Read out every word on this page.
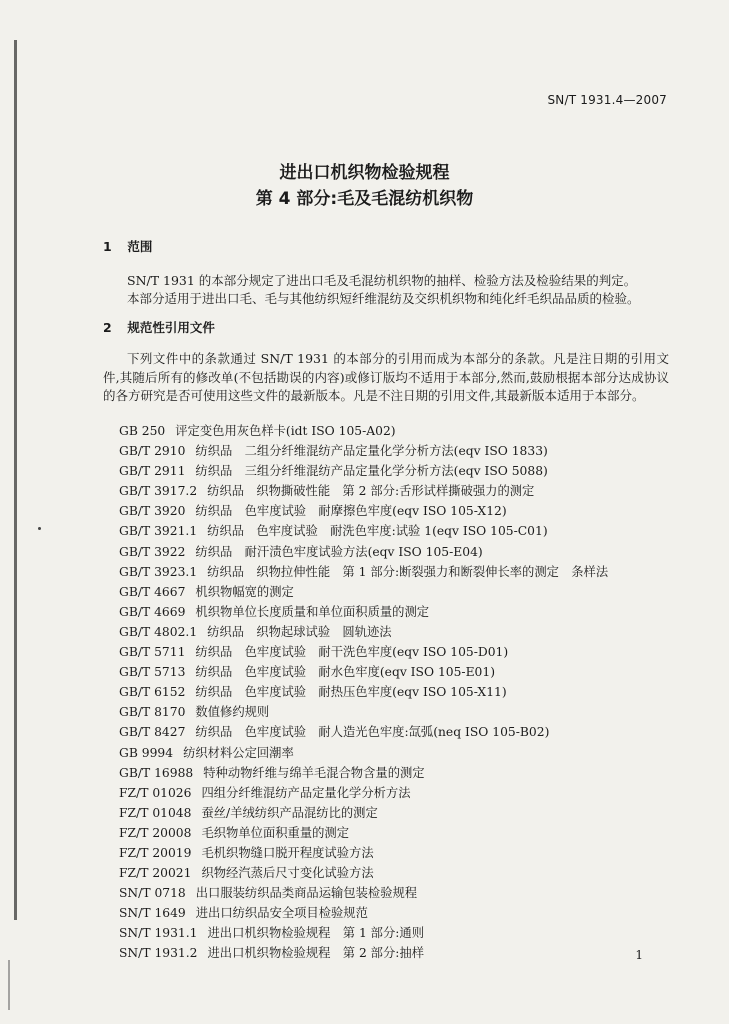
SN/T 1931.4—2007
进出口机织物检验规程
第 4 部分:毛及毛混纺机织物
1 范围
SN/T 1931 的本部分规定了进出口毛及毛混纺机织物的抽样、检验方法及检验结果的判定。
本部分适用于进出口毛、毛与其他纺织短纤维混纺及交织机织物和纯化纤毛织品品质的检验。
2 规范性引用文件
下列文件中的条款通过 SN/T 1931 的本部分的引用而成为本部分的条款。凡是注日期的引用文件,其随后所有的修改单(不包括勘误的内容)或修订版均不适用于本部分,然而,鼓励根据本部分达成协议的各方研究是否可使用这些文件的最新版本。凡是不注日期的引用文件,其最新版本适用于本部分。
GB 250 评定变色用灰色样卡(idt ISO 105-A02)
GB/T 2910 纺织品　二组分纤维混纺产品定量化学分析方法(eqv ISO 1833)
GB/T 2911 纺织品　三组分纤维混纺产品定量化学分析方法(eqv ISO 5088)
GB/T 3917.2 纺织品　织物撕破性能　第 2 部分:舌形试样撕破强力的测定
GB/T 3920 纺织品　色牢度试验　耐摩擦色牢度(eqv ISO 105-X12)
GB/T 3921.1 纺织品　色牢度试验　耐洗色牢度:试验 1(eqv ISO 105-C01)
GB/T 3922 纺织品　耐汗渍色牢度试验方法(eqv ISO 105-E04)
GB/T 3923.1 纺织品　织物拉伸性能　第 1 部分:断裂强力和断裂伸长率的测定　条样法
GB/T 4667 机织物幅宽的测定
GB/T 4669 机织物单位长度质量和单位面积质量的测定
GB/T 4802.1 纺织品　织物起球试验　圆轨迹法
GB/T 5711 纺织品　色牢度试验　耐干洗色牢度(eqv ISO 105-D01)
GB/T 5713 纺织品　色牢度试验　耐水色牢度(eqv ISO 105-E01)
GB/T 6152 纺织品　色牢度试验　耐热压色牢度(eqv ISO 105-X11)
GB/T 8170 数值修约规则
GB/T 8427 纺织品　色牢度试验　耐人造光色牢度:氙弧(neq ISO 105-B02)
GB 9994 纺织材料公定回潮率
GB/T 16988 特种动物纤维与绵羊毛混合物含量的测定
FZ/T 01026 四组分纤维混纺产品定量化学分析方法
FZ/T 01048 蚕丝/羊绒纺织产品混纺比的测定
FZ/T 20008 毛织物单位面积重量的测定
FZ/T 20019 毛机织物缝口脱开程度试验方法
FZ/T 20021 织物经汽蒸后尺寸变化试验方法
SN/T 0718 出口服装纺织品类商品运输包装检验规程
SN/T 1649 进出口纺织品安全项目检验规范
SN/T 1931.1 进出口机织物检验规程　第 1 部分:通则
SN/T 1931.2 进出口机织物检验规程　第 2 部分:抽样	1
